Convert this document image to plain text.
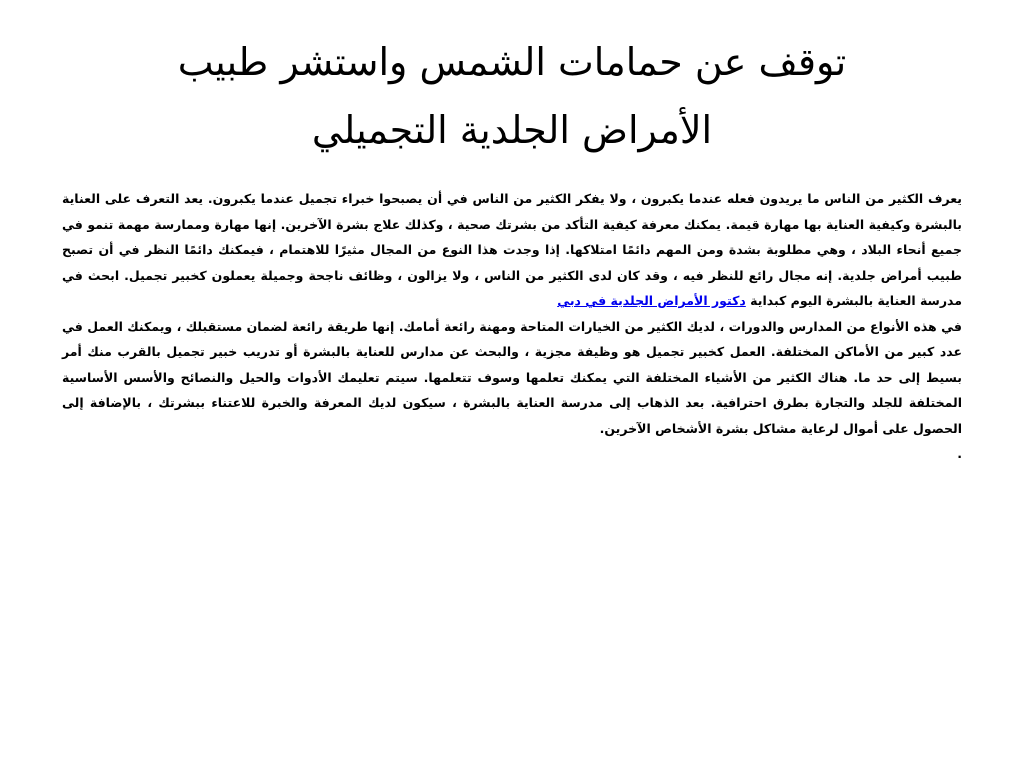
توقف عن حمامات الشمس واستشر طبيب
الأمراض الجلدية التجميلي

يعرف الكثير من الناس ما يريدون فعله عندما يكبرون ، ولا يفكر الكثير من الناس في أن يصبحوا خبراء تجميل عندما يكبرون. يعد التعرف على العناية بالبشرة وكيفية العناية بها مهارة قيمة. يمكنك معرفة كيفية التأكد من بشرتك صحية ، وكذلك علاج بشرة الآخرين. إنها مهارة وممارسة مهمة تنمو في جميع أنحاء البلاد ، وهي مطلوبة بشدة ومن المهم دائمًا امتلاكها. إذا وجدت هذا النوع من المجال مثيرًا للاهتمام ، فيمكنك دائمًا النظر في أن تصبح طبيب أمراض جلدية. إنه مجال رائع للنظر فيه ، وقد كان لدى الكثير من الناس ، ولا يزالون ، وظائف ناجحة وجميلة يعملون كخبير تجميل. ابحث في مدرسة العناية بالبشرة اليوم كبداية دكتور الأمراض الجلدية في دبي

في هذه الأنواع من المدارس والدورات ، لديك الكثير من الخيارات المتاحة ومهنة رائعة أمامك. إنها طريقة رائعة لضمان مستقبلك ، ويمكنك العمل في عدد كبير من الأماكن المختلفة. العمل كخبير تجميل هو وظيفة مجزية ، والبحث عن مدارس للعناية بالبشرة أو تدريب خبير تجميل بالقرب منك أمر بسيط إلى حد ما. هناك الكثير من الأشياء المختلفة التي يمكنك تعلمها وسوف تتعلمها. سيتم تعليمك الأدوات والحيل والنصائح والأسس الأساسية المختلفة للجلد والتجارة بطرق احترافية. بعد الذهاب إلى مدرسة العناية بالبشرة ، سيكون لديك المعرفة والخبرة للاعتناء ببشرتك ، بالإضافة إلى الحصول على أموال لرعاية مشاكل بشرة الأشخاص الآخرين.

.
